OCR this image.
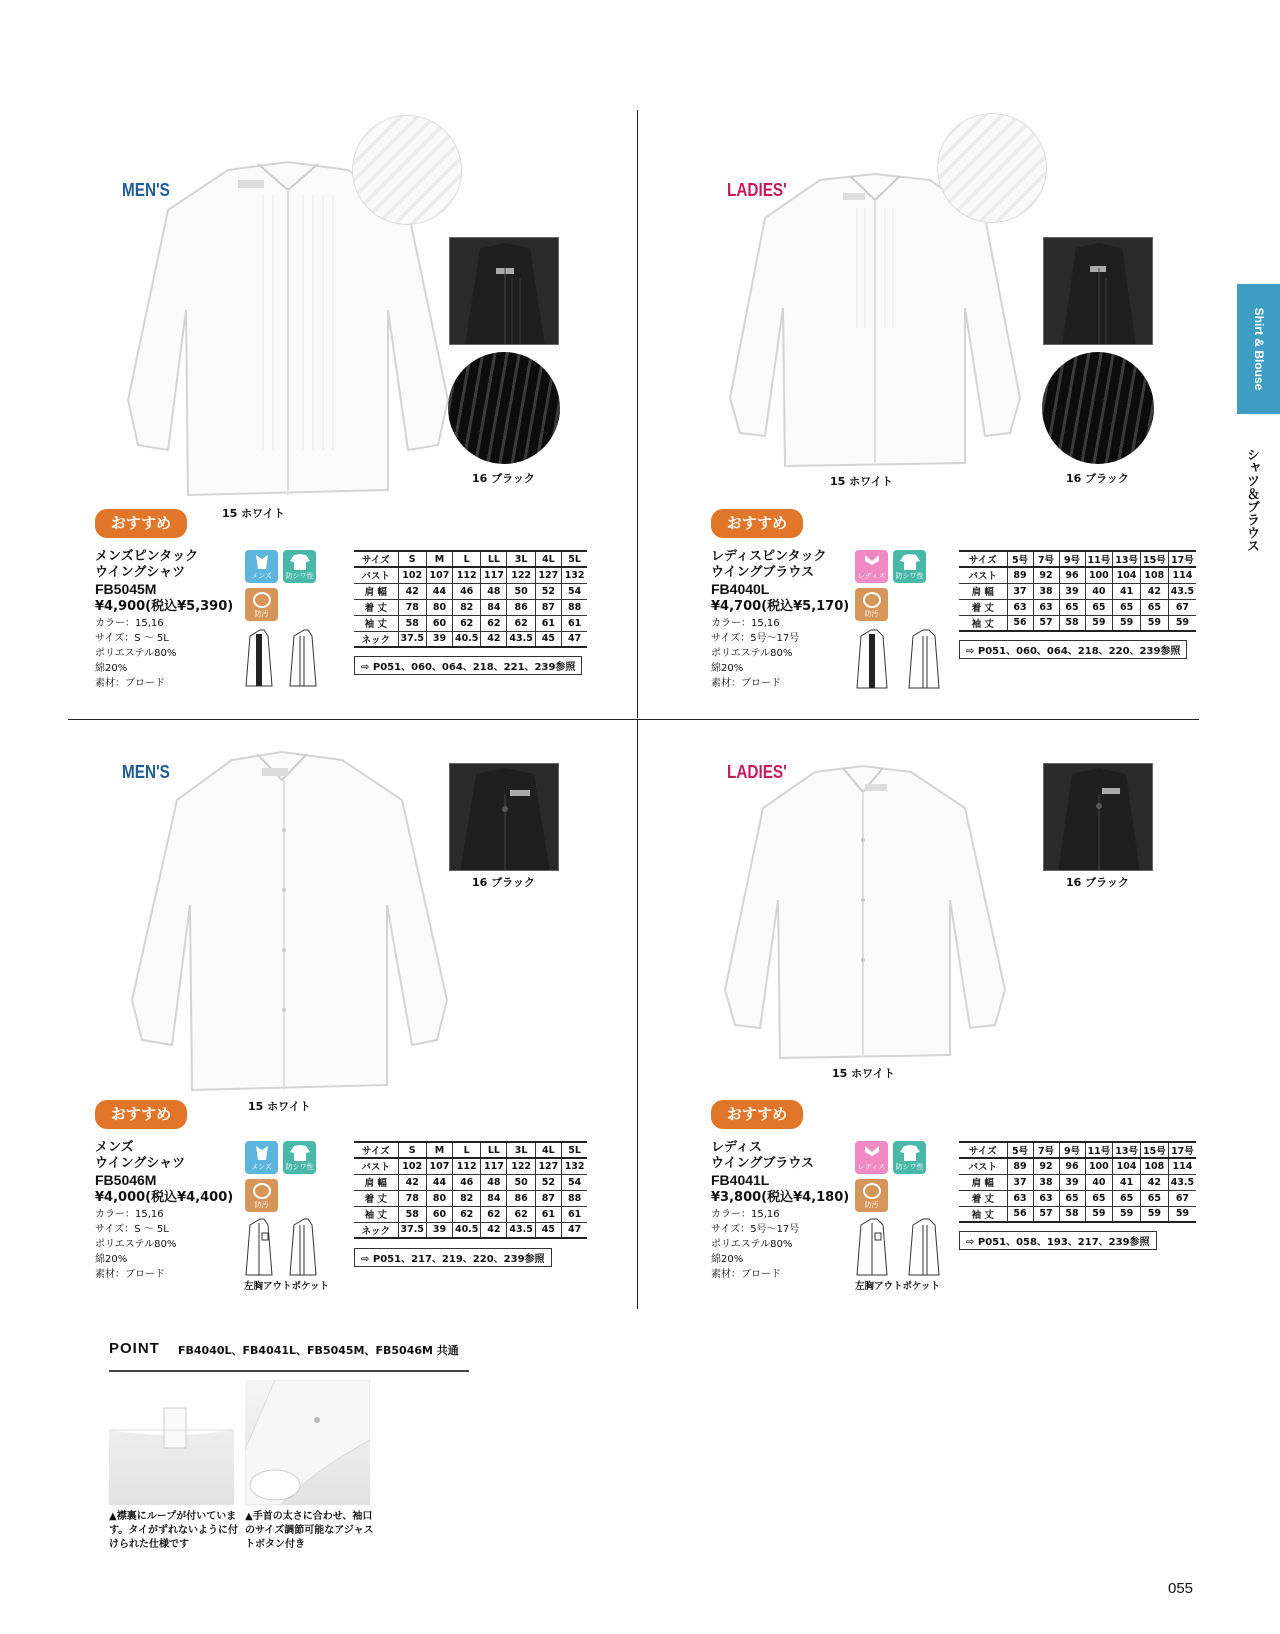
Shirt & Blouse
シャツ＆ブラウス
MEN'S
16 ブラック
15 ホワイト
おすすめ
メンズピンタック
ウイングシャツ
FB5045M
¥4,900(税込¥5,390)
カラー：15,16
サイズ：S ～ 5L
ポリエステル80%
綿20%
素材：ブロード
メンズ	防シワ性
防汚
サイズ	S	M	L	LL	3L	4L	5L
バスト	102	107	112	117	122	127	132
肩 幅	42	44	46	48	50	52	54
着 丈	78	80	82	84	86	87	88
袖 丈	58	60	62	62	62	61	61
ネック	37.5	39	40.5	42	43.5	45	47
⇨ P051、060、064、218、221、239参照
LADIES'
16 ブラック
15 ホワイト
おすすめ
レディスピンタック
ウイングブラウス
FB4040L
¥4,700(税込¥5,170)
カラー：15,16
サイズ：5号～17号
ポリエステル80%
綿20%
素材：ブロード
レディス	防シワ性
防汚
サイズ	5号	7号	9号	11号	13号	15号	17号
バスト	89	92	96	100	104	108	114
肩 幅	37	38	39	40	41	42	43.5
着 丈	63	63	65	65	65	65	67
袖 丈	56	57	58	59	59	59	59
⇨ P051、060、064、218、220、239参照
MEN'S
16 ブラック
15 ホワイト
おすすめ
メンズ
ウイングシャツ
FB5046M
¥4,000(税込¥4,400)
カラー：15,16
サイズ：S ～ 5L
ポリエステル80%
綿20%
素材：ブロード
メンズ	防シワ性
防汚
左胸アウトポケット
サイズ	S	M	L	LL	3L	4L	5L
バスト	102	107	112	117	122	127	132
肩 幅	42	44	46	48	50	52	54
着 丈	78	80	82	84	86	87	88
袖 丈	58	60	62	62	62	61	61
ネック	37.5	39	40.5	42	43.5	45	47
⇨ P051、217、219、220、239参照
LADIES'
16 ブラック
15 ホワイト
おすすめ
レディス
ウイングブラウス
FB4041L
¥3,800(税込¥4,180)
カラー：15,16
サイズ：5号～17号
ポリエステル80%
綿20%
素材：ブロード
レディス	防シワ性
防汚
左胸アウトポケット
サイズ	5号	7号	9号	11号	13号	15号	17号
バスト	89	92	96	100	104	108	114
肩 幅	37	38	39	40	41	42	43.5
着 丈	63	63	65	65	65	65	67
袖 丈	56	57	58	59	59	59	59
⇨ P051、058、193、217、239参照
POINT FB4040L、FB4041L、FB5045M、FB5046M 共通
▲襟裏にループが付いています。タイがずれないように付けられた仕様です
▲手首の太さに合わせ、袖口のサイズ調節可能なアジャストボタン付き
055
